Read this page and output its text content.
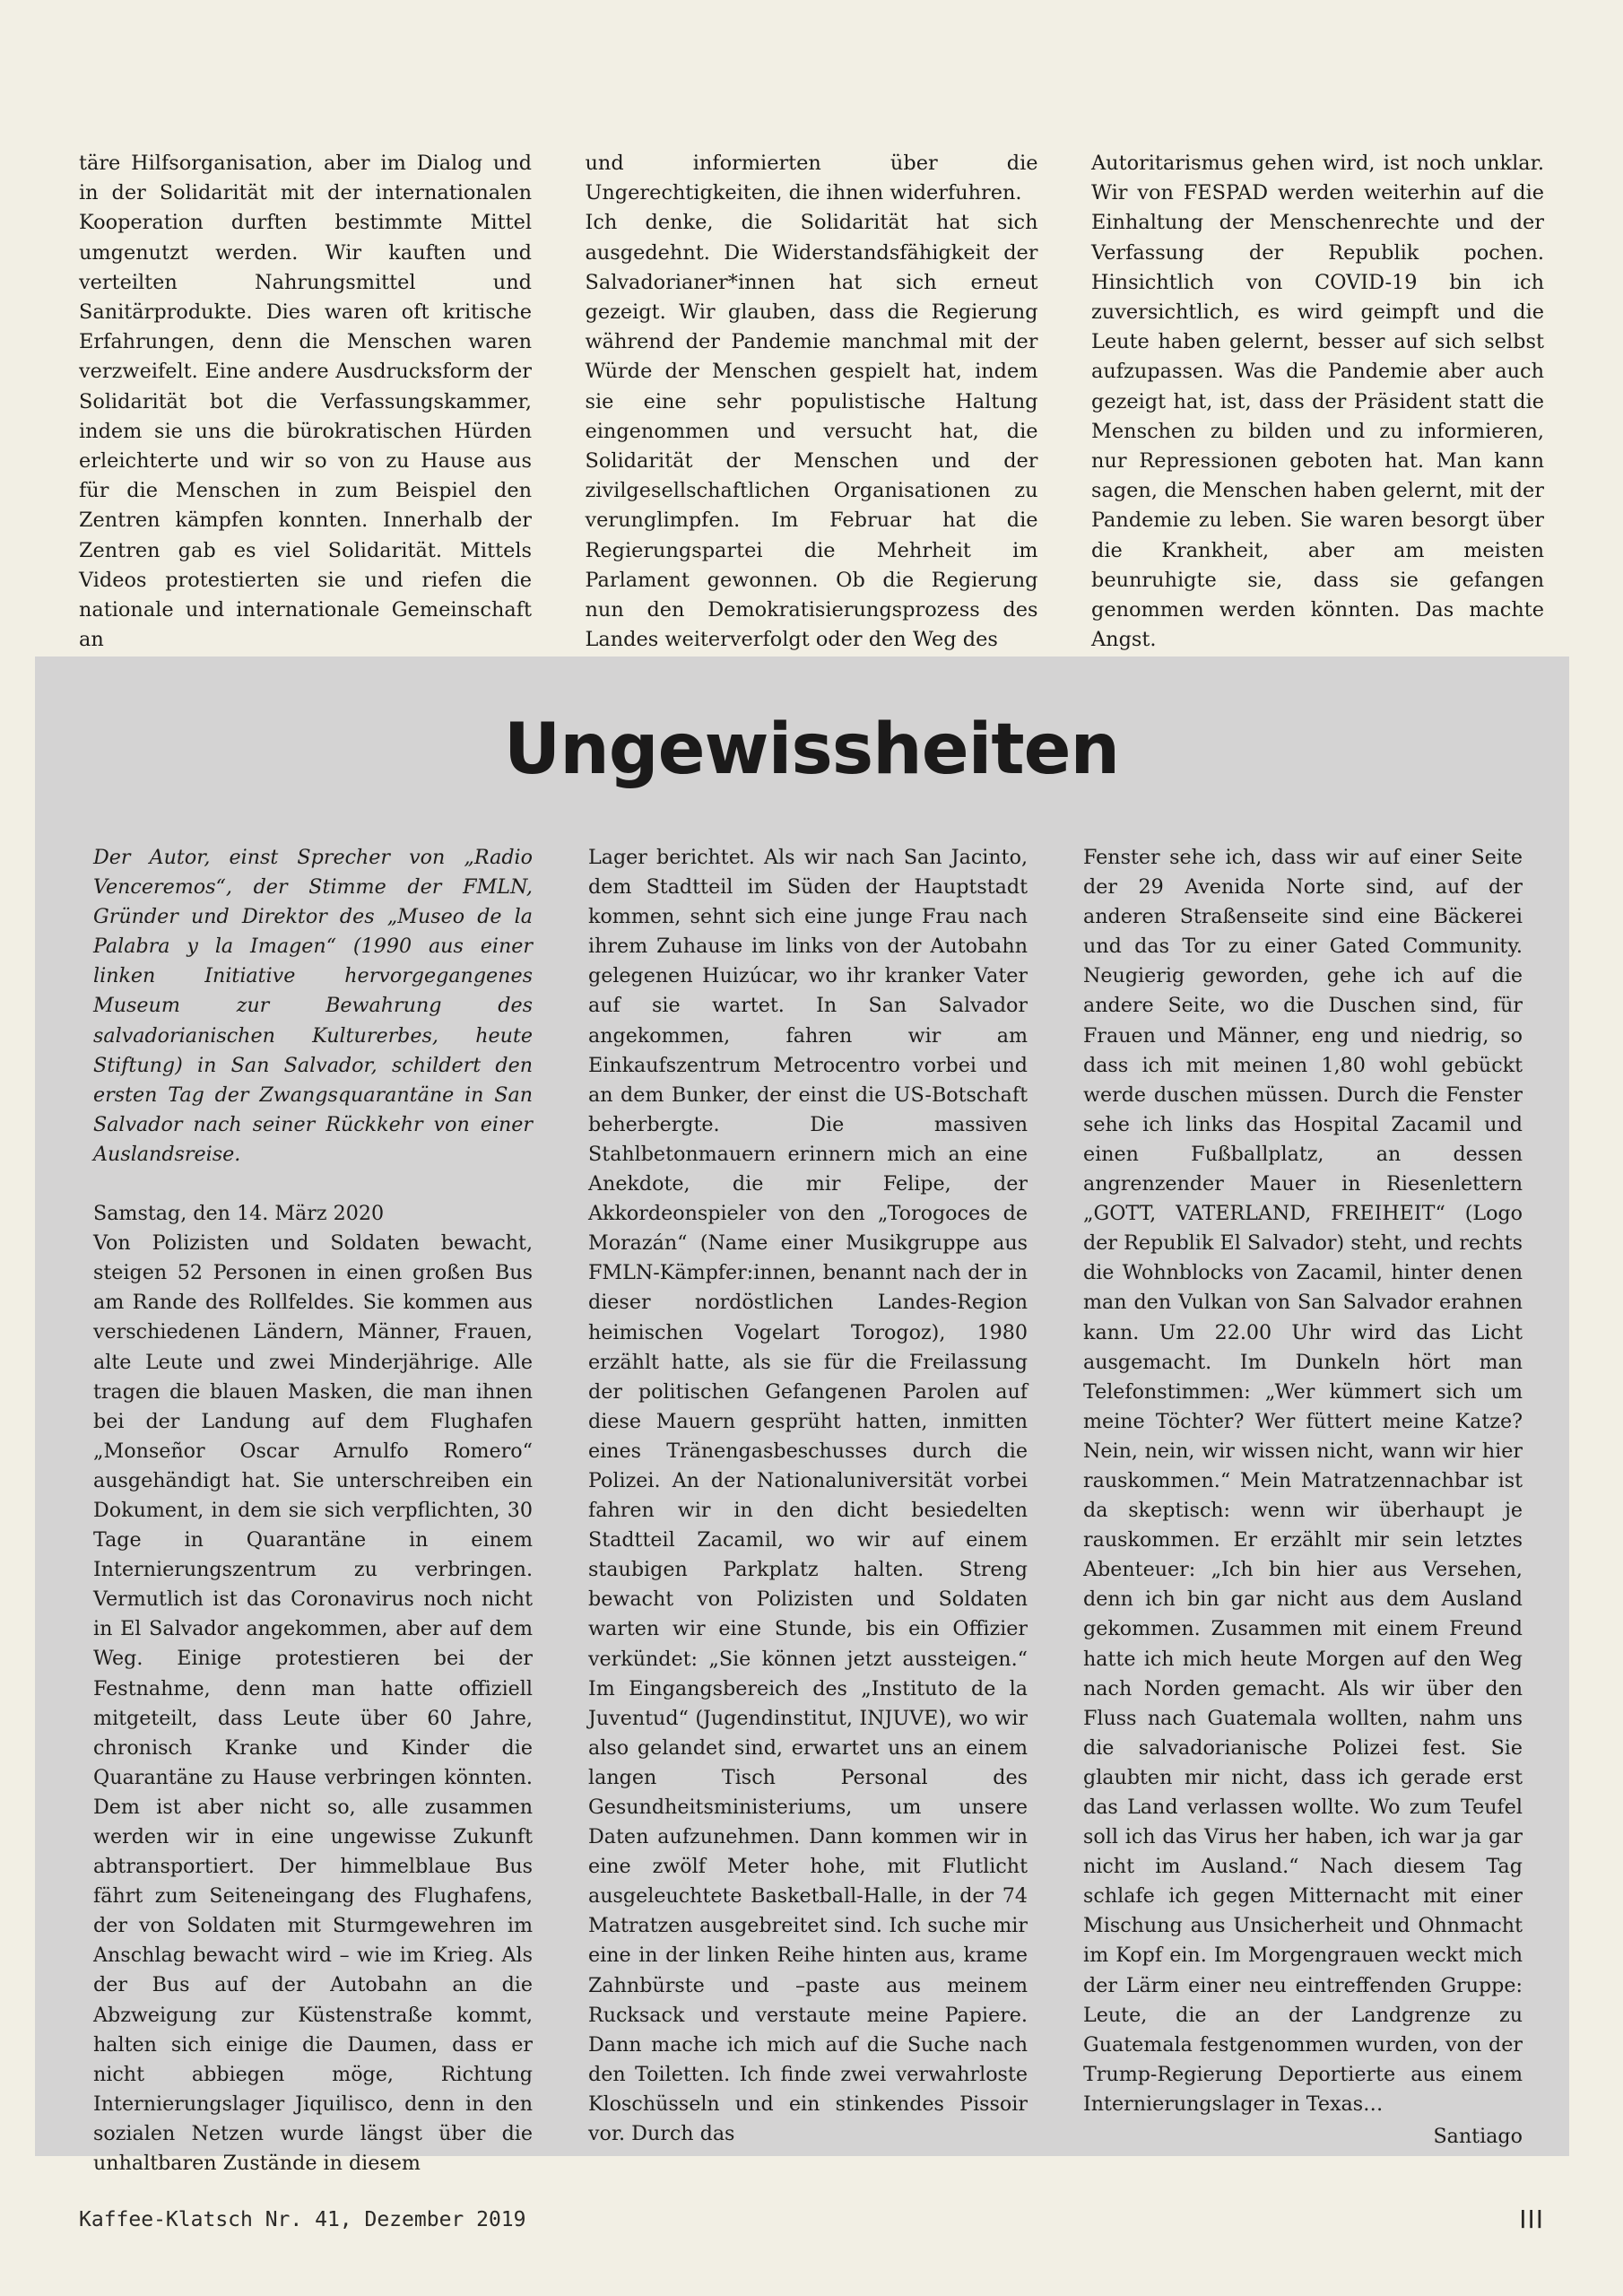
täre Hilfsorganisation, aber im Dialog und in der Solidarität mit der internationalen Kooperation durften bestimmte Mittel umgenutzt werden. Wir kauften und verteilten Nahrungsmittel und Sanitärprodukte. Dies waren oft kritische Erfahrungen, denn die Menschen waren verzweifelt. Eine andere Ausdrucksform der Solidarität bot die Verfassungskammer, indem sie uns die bürokratischen Hürden erleichterte und wir so von zu Hause aus für die Menschen in zum Beispiel den Zentren kämpfen konnten. Innerhalb der Zentren gab es viel Solidarität. Mittels Videos protestierten sie und riefen die nationale und internationale Gemeinschaft an

und informierten über die Ungerechtigkeiten, die ihnen widerfuhren.
Ich denke, die Solidarität hat sich ausgedehnt. Die Widerstandsfähigkeit der Salvadorianer*innen hat sich erneut gezeigt. Wir glauben, dass die Regierung während der Pandemie manchmal mit der Würde der Menschen gespielt hat, indem sie eine sehr populistische Haltung eingenommen und versucht hat, die Solidarität der Menschen und der zivilgesellschaftlichen Organisationen zu verunglimpfen. Im Februar hat die Regierungspartei die Mehrheit im Parlament gewonnen. Ob die Regierung nun den Demokratisierungsprozess des Landes weiterverfolgt oder den Weg des

Autoritarismus gehen wird, ist noch unklar. Wir von FESPAD werden weiterhin auf die Einhaltung der Menschenrechte und der Verfassung der Republik pochen. Hinsichtlich von COVID-19 bin ich zuversichtlich, es wird geimpft und die Leute haben gelernt, besser auf sich selbst aufzupassen. Was die Pandemie aber auch gezeigt hat, ist, dass der Präsident statt die Menschen zu bilden und zu informieren, nur Repressionen geboten hat. Man kann sagen, die Menschen haben gelernt, mit der Pandemie zu leben. Sie waren besorgt über die Krankheit, aber am meisten beunruhigte sie, dass sie gefangen genommen werden könnten. Das machte Angst.

Ungewissheiten

Der Autor, einst Sprecher von „Radio Venceremos“, der Stimme der FMLN, Gründer und Direktor des „Museo de la Palabra y la Imagen“ (1990 aus einer linken Initiative hervorgegangenes Museum zur Bewahrung des salvadorianischen Kulturerbes, heute Stiftung) in San Salvador, schildert den ersten Tag der Zwangsquarantäne in San Salvador nach seiner Rückkehr von einer Auslandsreise.

Samstag, den 14. März 2020

Von Polizisten und Soldaten bewacht, steigen 52 Personen in einen großen Bus am Rande des Rollfeldes. Sie kommen aus verschiedenen Ländern, Männer, Frauen, alte Leute und zwei Minderjährige. Alle tragen die blauen Masken, die man ihnen bei der Landung auf dem Flughafen „Monseñor Oscar Arnulfo Romero“ ausgehändigt hat. Sie unterschreiben ein Dokument, in dem sie sich verpflichten, 30 Tage in Quarantäne in einem Internierungszentrum zu verbringen. Vermutlich ist das Coronavirus noch nicht in El Salvador angekommen, aber auf dem Weg. Einige protestieren bei der Festnahme, denn man hatte offiziell mitgeteilt, dass Leute über 60 Jahre, chronisch Kranke und Kinder die Quarantäne zu Hause verbringen könnten. Dem ist aber nicht so, alle zusammen werden wir in eine ungewisse Zukunft abtransportiert. Der himmelblaue Bus fährt zum Seiteneingang des Flughafens, der von Soldaten mit Sturmgewehren im Anschlag bewacht wird – wie im Krieg. Als der Bus auf der Autobahn an die Abzweigung zur Küstenstraße kommt, halten sich einige die Daumen, dass er nicht abbiegen möge, Richtung Internierungslager Jiquilisco, denn in den sozialen Netzen wurde längst über die unhaltbaren Zustände in diesem

Lager berichtet. Als wir nach San Jacinto, dem Stadtteil im Süden der Hauptstadt kommen, sehnt sich eine junge Frau nach ihrem Zuhause im links von der Autobahn gelegenen Huizúcar, wo ihr kranker Vater auf sie wartet. In San Salvador angekommen, fahren wir am Einkaufszentrum Metrocentro vorbei und an dem Bunker, der einst die US-Botschaft beherbergte. Die massiven Stahlbetonmauern erinnern mich an eine Anekdote, die mir Felipe, der Akkordeonspieler von den „Torogoces de Morazán“ (Name einer Musikgruppe aus FMLN-Kämpfer:innen, benannt nach der in dieser nordöstlichen Landes-Region heimischen Vogelart Torogoz), 1980 erzählt hatte, als sie für die Freilassung der politischen Gefangenen Parolen auf diese Mauern gesprüht hatten, inmitten eines Tränengasbeschusses durch die Polizei. An der Nationaluniversität vorbei fahren wir in den dicht besiedelten Stadtteil Zacamil, wo wir auf einem staubigen Parkplatz halten. Streng bewacht von Polizisten und Soldaten warten wir eine Stunde, bis ein Offizier verkündet: „Sie können jetzt aussteigen.“ Im Eingangsbereich des „Instituto de la Juventud“ (Jugendinstitut, INJUVE), wo wir also gelandet sind, erwartet uns an einem langen Tisch Personal des Gesundheitsministeriums, um unsere Daten aufzunehmen. Dann kommen wir in eine zwölf Meter hohe, mit Flutlicht ausgeleuchtete Basketball-Halle, in der 74 Matratzen ausgebreitet sind. Ich suche mir eine in der linken Reihe hinten aus, krame Zahnbürste und –paste aus meinem Rucksack und verstaute meine Papiere. Dann mache ich mich auf die Suche nach den Toiletten. Ich finde zwei verwahrloste Kloschüsseln und ein stinkendes Pissoir vor. Durch das

Fenster sehe ich, dass wir auf einer Seite der 29 Avenida Norte sind, auf der anderen Straßenseite sind eine Bäckerei und das Tor zu einer Gated Community. Neugierig geworden, gehe ich auf die andere Seite, wo die Duschen sind, für Frauen und Männer, eng und niedrig, so dass ich mit meinen 1,80 wohl gebückt werde duschen müssen. Durch die Fenster sehe ich links das Hospital Zacamil und einen Fußballplatz, an dessen angrenzender Mauer in Riesenlettern „GOTT, VATERLAND, FREIHEIT“ (Logo der Republik El Salvador) steht, und rechts die Wohnblocks von Zacamil, hinter denen man den Vulkan von San Salvador erahnen kann. Um 22.00 Uhr wird das Licht ausgemacht. Im Dunkeln hört man Telefonstimmen: „Wer kümmert sich um meine Töchter? Wer füttert meine Katze? Nein, nein, wir wissen nicht, wann wir hier rauskommen.“ Mein Matratzennachbar ist da skeptisch: wenn wir überhaupt je rauskommen. Er erzählt mir sein letztes Abenteuer: „Ich bin hier aus Versehen, denn ich bin gar nicht aus dem Ausland gekommen. Zusammen mit einem Freund hatte ich mich heute Morgen auf den Weg nach Norden gemacht. Als wir über den Fluss nach Guatemala wollten, nahm uns die salvadorianische Polizei fest. Sie glaubten mir nicht, dass ich gerade erst das Land verlassen wollte. Wo zum Teufel soll ich das Virus her haben, ich war ja gar nicht im Ausland.“ Nach diesem Tag schlafe ich gegen Mitternacht mit einer Mischung aus Unsicherheit und Ohnmacht im Kopf ein. Im Morgengrauen weckt mich der Lärm einer neu eintreffenden Gruppe: Leute, die an der Landgrenze zu Guatemala festgenommen wurden, von der Trump-Regierung Deportierte aus einem Internierungslager in Texas…

Santiago

Kaffee-Klatsch Nr. 41, Dezember 2019	III
